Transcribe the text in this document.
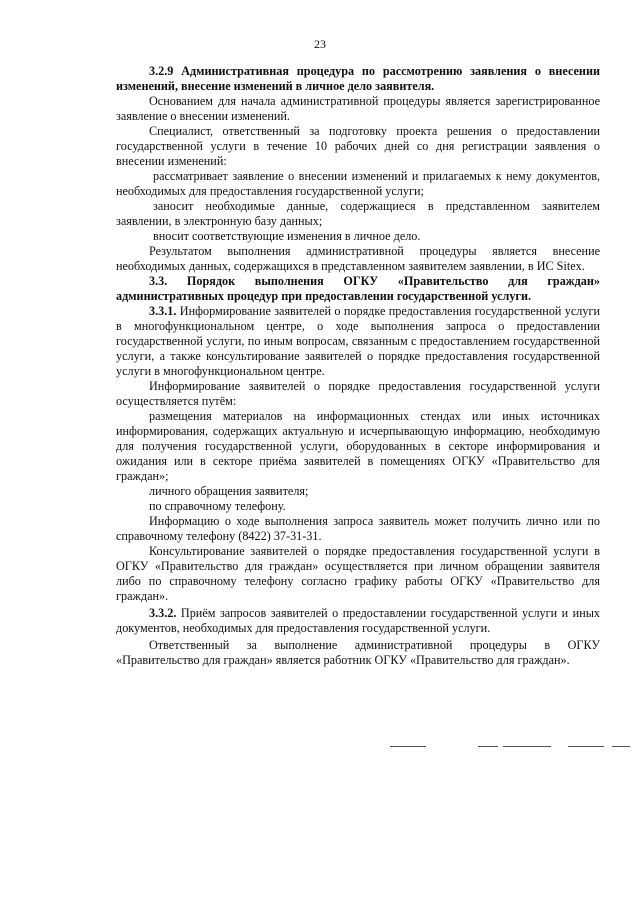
23

3.2.9 Административная процедура по рассмотрению заявления о внесении изменений, внесение изменений в личное дело заявителя.

Основанием для начала административной процедуры является зарегистрированное заявление о внесении изменений.

Специалист, ответственный за подготовку проекта решения о предоставлении государственной услуги в течение 10 рабочих дней со дня регистрации заявления о внесении изменений:

рассматривает заявление о внесении изменений и прилагаемых к нему документов, необходимых для предоставления государственной услуги;

заносит необходимые данные, содержащиеся в представленном заявителем заявлении, в электронную базу данных;

вносит соответствующие изменения в личное дело.

Результатом выполнения административной процедуры является внесение необходимых данных, содержащихся в представленном заявителем заявлении, в ИС Sitex.

3.3. Порядок выполнения ОГКУ «Правительство для граждан» административных процедур при предоставлении государственной услуги.

3.3.1. Информирование заявителей о порядке предоставления государственной услуги в многофункциональном центре, о ходе выполнения запроса о предоставлении государственной услуги, по иным вопросам, связанным с предоставлением государственной услуги, а также консультирование заявителей о порядке предоставления государственной услуги в многофункциональном центре.

Информирование заявителей о порядке предоставления государственной услуги осуществляется путём:

размещения материалов на информационных стендах или иных источниках информирования, содержащих актуальную и исчерпывающую информацию, необходимую для получения государственной услуги, оборудованных в секторе информирования и ожидания или в секторе приёма заявителей в помещениях ОГКУ «Правительство для граждан»;

личного обращения заявителя;

по справочному телефону.

Информацию о ходе выполнения запроса заявитель может получить лично или по справочному телефону (8422) 37-31-31.

Консультирование заявителей о порядке предоставления государственной услуги в ОГКУ «Правительство для граждан» осуществляется при личном обращении заявителя либо по справочному телефону согласно графику работы ОГКУ «Правительство для граждан».

3.3.2. Приём запросов заявителей о предоставлении государственной услуги и иных документов, необходимых для предоставления государственной услуги.

Ответственный за выполнение административной процедуры в ОГКУ «Правительство для граждан» является работник ОГКУ «Правительство для граждан».
